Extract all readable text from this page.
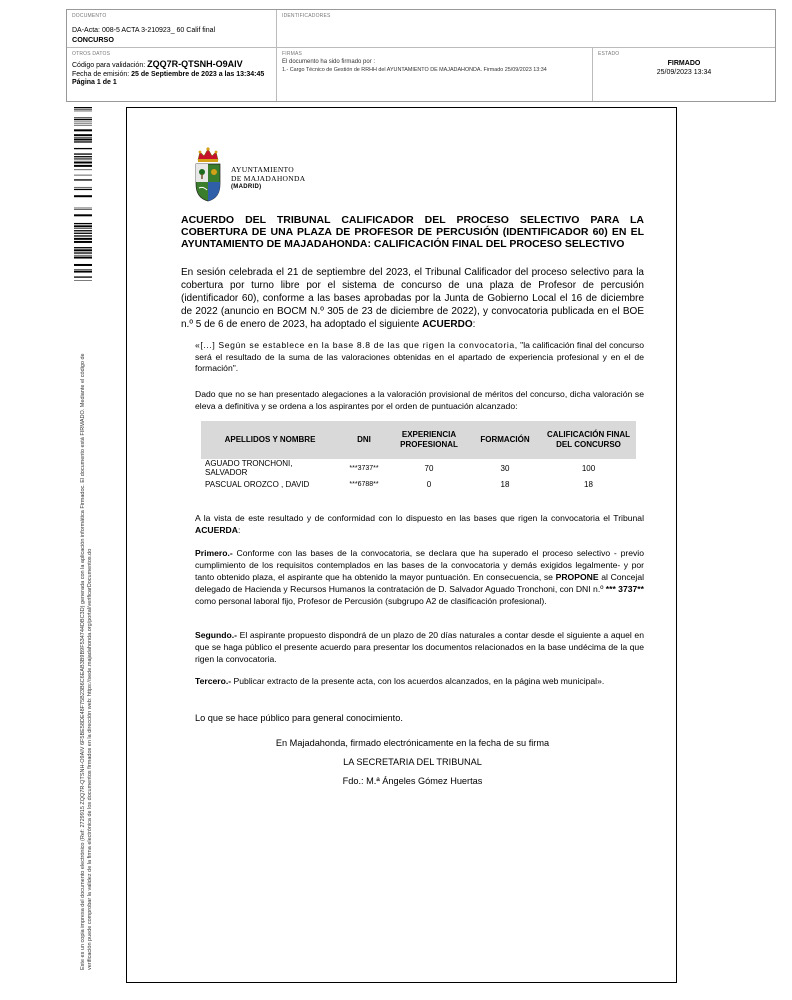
DOCUMENTO
DA-Acta: 008-5 ACTA 3-210923_ 60 Calif final
CONCURSO
IDENTIFICADORES
OTROS DATOS
Código para validación: ZQQ7R-QTSNH-O9AIV
Fecha de emisión: 25 de Septiembre de 2023 a las 13:34:45
Página 1 de 1
FIRMAS
El documento ha sido firmado por :
1.- Cargo Técnico de Gestión de RRHH del AYUNTAMIENTO DE MAJADAHONDA. Firmado 25/09/2023 13:34
ESTADO
FIRMADO
25/09/2023 13:34
Este es un copia impresa del documento electrónico (Ref: 2729915 ZQQ7R-QTSNH-O9AIV 6F5BE58DE48F75B23B6C6EAB3B9B9F534744DBC3D) generada con la aplicación informática Firmadoc. El documento está FIRMADO. Mediante el código de verificación puede comprobar la validez de la firma electrónica de los documentos firmados en la dirección web: https://sede.majadahonda.org/portal/verificarDocumentos.do
AYUNTAMIENTO
DE MAJADAHONDA
(MADRID)
ACUERDO DEL TRIBUNAL CALIFICADOR DEL PROCESO SELECTIVO PARA LA COBERTURA DE UNA PLAZA DE PROFESOR DE PERCUSIÓN (IDENTIFICADOR 60) EN EL AYUNTAMIENTO DE MAJADAHONDA: CALIFICACIÓN FINAL DEL PROCESO SELECTIVO
En sesión celebrada el 21 de septiembre del 2023, el Tribunal Calificador del proceso selectivo para la cobertura por turno libre por el sistema de concurso de una plaza de Profesor de percusión (identificador 60), conforme a las bases aprobadas por la Junta de Gobierno Local el 16 de diciembre de 2022 (anuncio en BOCM N.º 305 de 23 de diciembre de 2022), y convocatoria publicada en el BOE n.º 5 de 6 de enero de 2023, ha adoptado el siguiente ACUERDO:
«[...] Según se establece en la base 8.8 de las que rigen la convocatoria, "la calificación final del concurso será el resultado de la suma de las valoraciones obtenidas en el apartado de experiencia profesional y en el de formación".
Dado que no se han presentado alegaciones a la valoración provisional de méritos del concurso, dicha valoración se eleva a definitiva y se ordena a los aspirantes por el orden de puntuación alcanzado:
APELLIDOS Y NOMBRE	DNI	EXPERIENCIA PROFESIONAL	FORMACIÓN	CALIFICACIÓN FINAL DEL CONCURSO
AGUADO TRONCHONI, SALVADOR	***3737**	70	30	100
PASCUAL OROZCO , DAVID	***6788**	0	18	18
A la vista de este resultado y de conformidad con lo dispuesto en las bases que rigen la convocatoria el Tribunal ACUERDA:
Primero.- Conforme con las bases de la convocatoria, se declara que ha superado el proceso selectivo - previo cumplimiento de los requisitos contemplados en las bases de la convocatoria y demás exigidos legalmente- y por tanto obtenido plaza, el aspirante que ha obtenido la mayor puntuación. En consecuencia, se PROPONE al Concejal delegado de Hacienda y Recursos Humanos la contratación de D. Salvador Aguado Tronchoni, con DNI n.º *** 3737** como personal laboral fijo, Profesor de Percusión (subgrupo A2 de clasificación profesional).
Segundo.- El aspirante propuesto dispondrá de un plazo de 20 días naturales a contar desde el siguiente a aquel en que se haga público el presente acuerdo para presentar los documentos relacionados en la base undécima de la que rigen la convocatoria.
Tercero.- Publicar extracto de la presente acta, con los acuerdos alcanzados, en la página web municipal».
Lo que se hace público para general conocimiento.
En Majadahonda, firmado electrónicamente en la fecha de su firma
LA SECRETARIA DEL TRIBUNAL
Fdo.: M.ª Ángeles Gómez Huertas
